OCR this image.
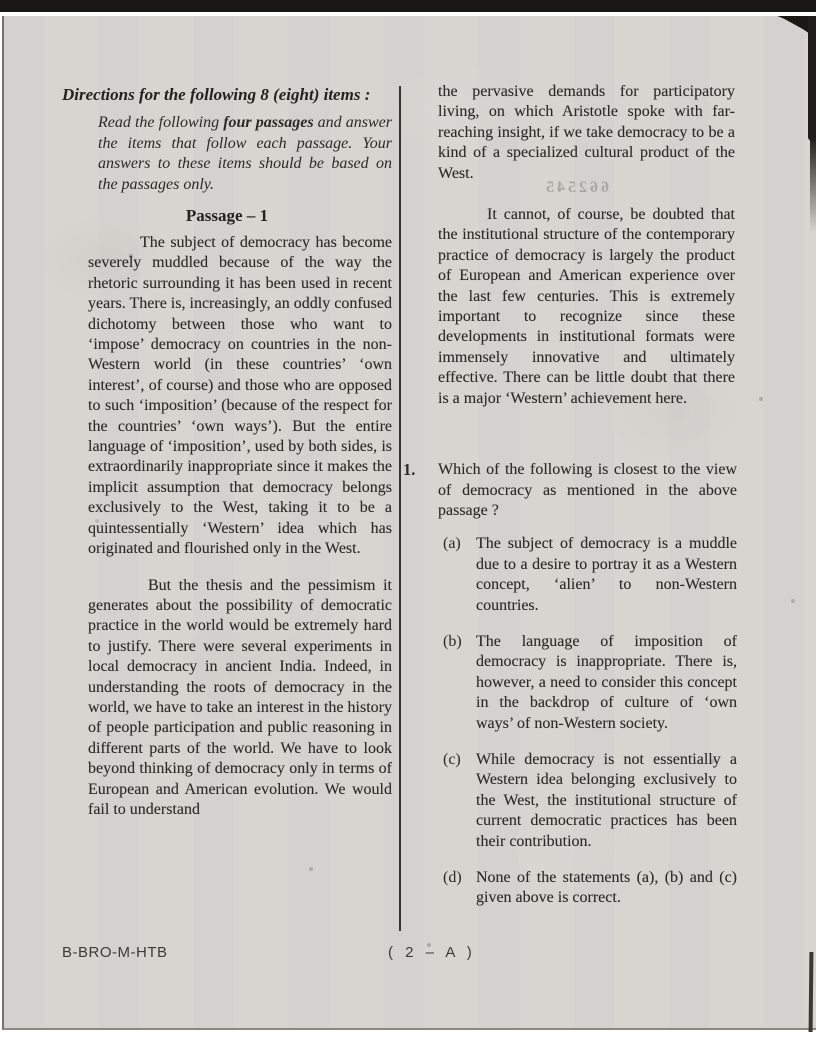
Directions for the following 8 (eight) items :

Read the following four passages and answer the items that follow each passage. Your answers to these items should be based on the passages only.

Passage – 1

The subject of democracy has become severely muddled because of the way the rhetoric surrounding it has been used in recent years. There is, increasingly, an oddly confused dichotomy between those who want to ‘impose’ democracy on countries in the non-Western world (in these countries’ ‘own interest’, of course) and those who are opposed to such ‘imposition’ (because of the respect for the countries’ ‘own ways’). But the entire language of ‘imposition’, used by both sides, is extraordinarily inappropriate since it makes the implicit assumption that democracy belongs exclusively to the West, taking it to be a quintessentially ‘Western’ idea which has originated and flourished only in the West.

But the thesis and the pessimism it generates about the possibility of democratic practice in the world would be extremely hard to justify. There were several experiments in local democracy in ancient India. Indeed, in understanding the roots of democracy in the world, we have to take an interest in the history of people participation and public reasoning in different parts of the world. We have to look beyond thinking of democracy only in terms of European and American evolution. We would fail to understand

the pervasive demands for participatory living, on which Aristotle spoke with far-reaching insight, if we take democracy to be a kind of a specialized cultural product of the West.

It cannot, of course, be doubted that the institutional structure of the contemporary practice of democracy is largely the product of European and American experience over the last few centuries. This is extremely important to recognize since these developments in institutional formats were immensely innovative and ultimately effective. There can be little doubt that there is a major ‘Western’ achievement here.

1.	Which of the following is closest to the view of democracy as mentioned in the above passage ?

(a) The subject of democracy is a muddle due to a desire to portray it as a Western concept, ‘alien’ to non-Western countries.

(b) The language of imposition of democracy is inappropriate. There is, however, a need to consider this concept in the backdrop of culture of ‘own ways’ of non-Western society.

(c) While democracy is not essentially a Western idea belonging exclusively to the West, the institutional structure of current democratic practices has been their contribution.

(d) None of the statements (a), (b) and (c) given above is correct.

662545
B-BRO-M-HTB	( 2 – A )
